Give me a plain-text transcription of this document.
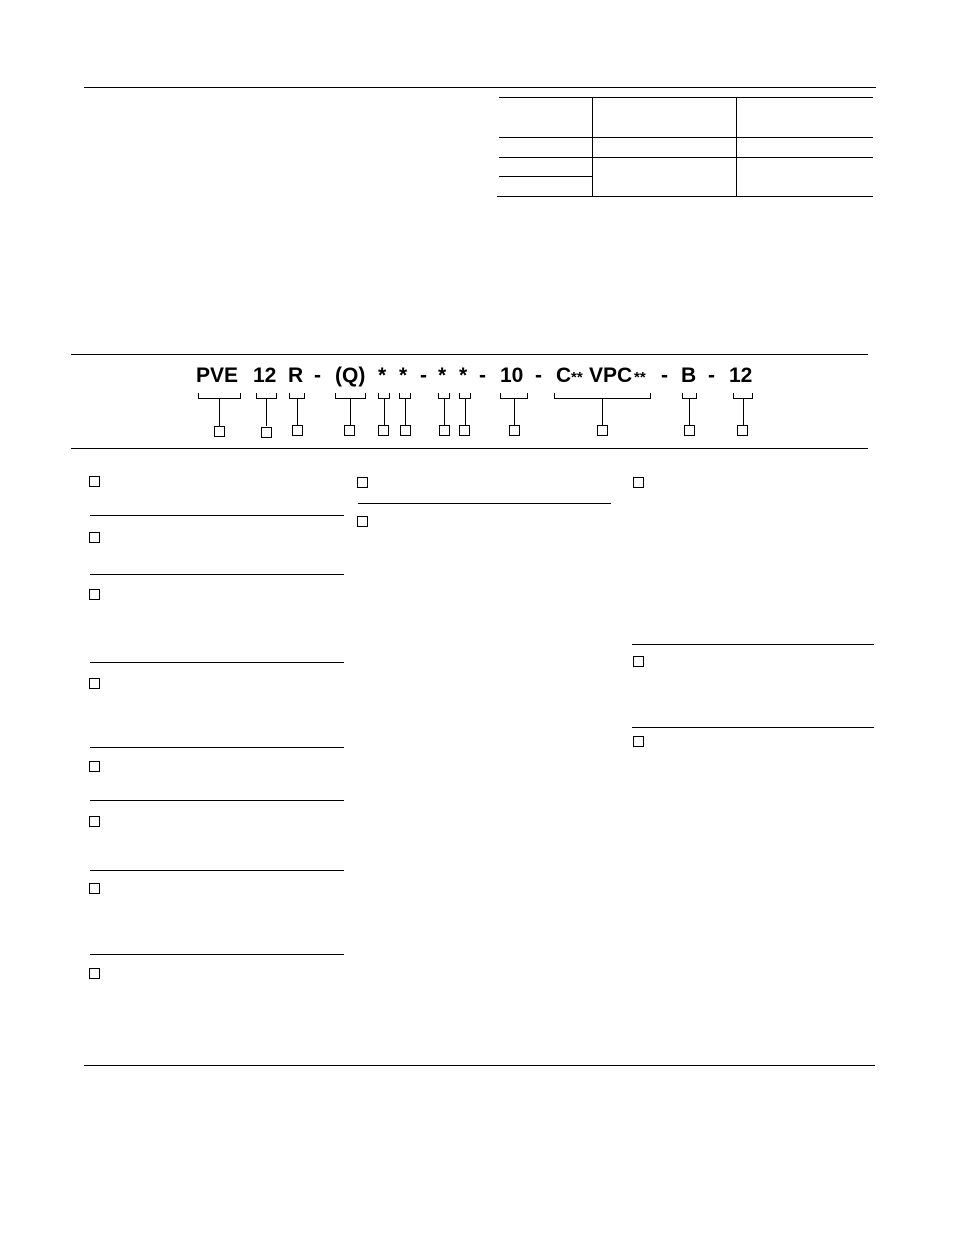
PVE 12 R - (Q) * * - * * - 10 - C ** VPC ** - B - 12
